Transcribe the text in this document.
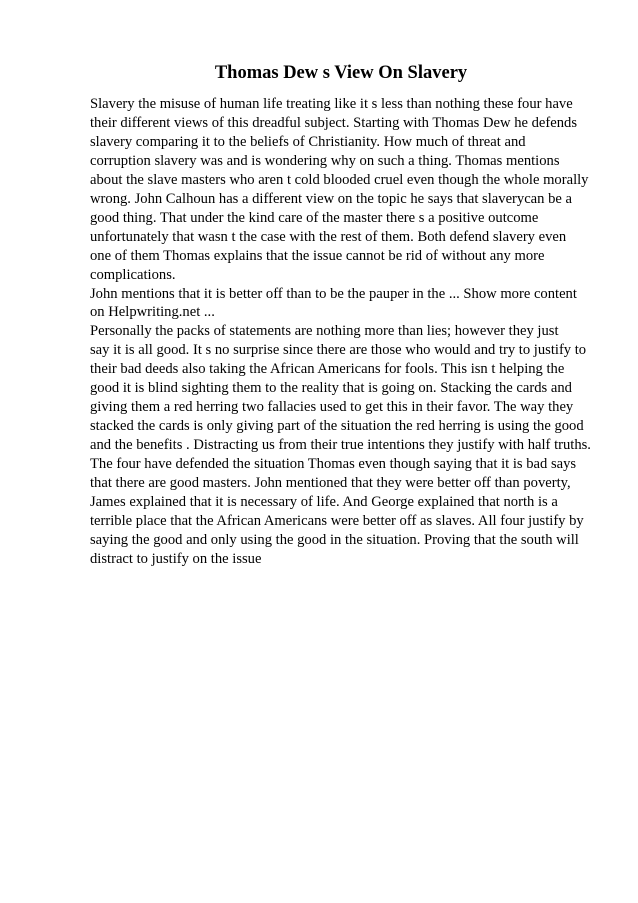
Thomas Dew s View On Slavery
Slavery the misuse of human life treating like it s less than nothing these four have
their different views of this dreadful subject. Starting with Thomas Dew he defends
slavery comparing it to the beliefs of Christianity. How much of threat and
corruption slavery was and is wondering why on such a thing. Thomas mentions
about the slave masters who aren t cold blooded cruel even though the whole morally
wrong. John Calhoun has a different view on the topic he says that slaverycan be a
good thing. That under the kind care of the master there s a positive outcome
unfortunately that wasn t the case with the rest of them. Both defend slavery even
one of them Thomas explains that the issue cannot be rid of without any more
complications.
John mentions that it is better off than to be the pauper in the ... Show more content
on Helpwriting.net ...
Personally the packs of statements are nothing more than lies; however they just
say it is all good. It s no surprise since there are those who would and try to justify to
their bad deeds also taking the African Americans for fools. This isn t helping the
good it is blind sighting them to the reality that is going on. Stacking the cards and
giving them a red herring two fallacies used to get this in their favor. The way they
stacked the cards is only giving part of the situation the red herring is using the good
and the benefits . Distracting us from their true intentions they justify with half truths.
The four have defended the situation Thomas even though saying that it is bad says
that there are good masters. John mentioned that they were better off than poverty,
James explained that it is necessary of life. And George explained that north is a
terrible place that the African Americans were better off as slaves. All four justify by
saying the good and only using the good in the situation. Proving that the south will
distract to justify on the issue
